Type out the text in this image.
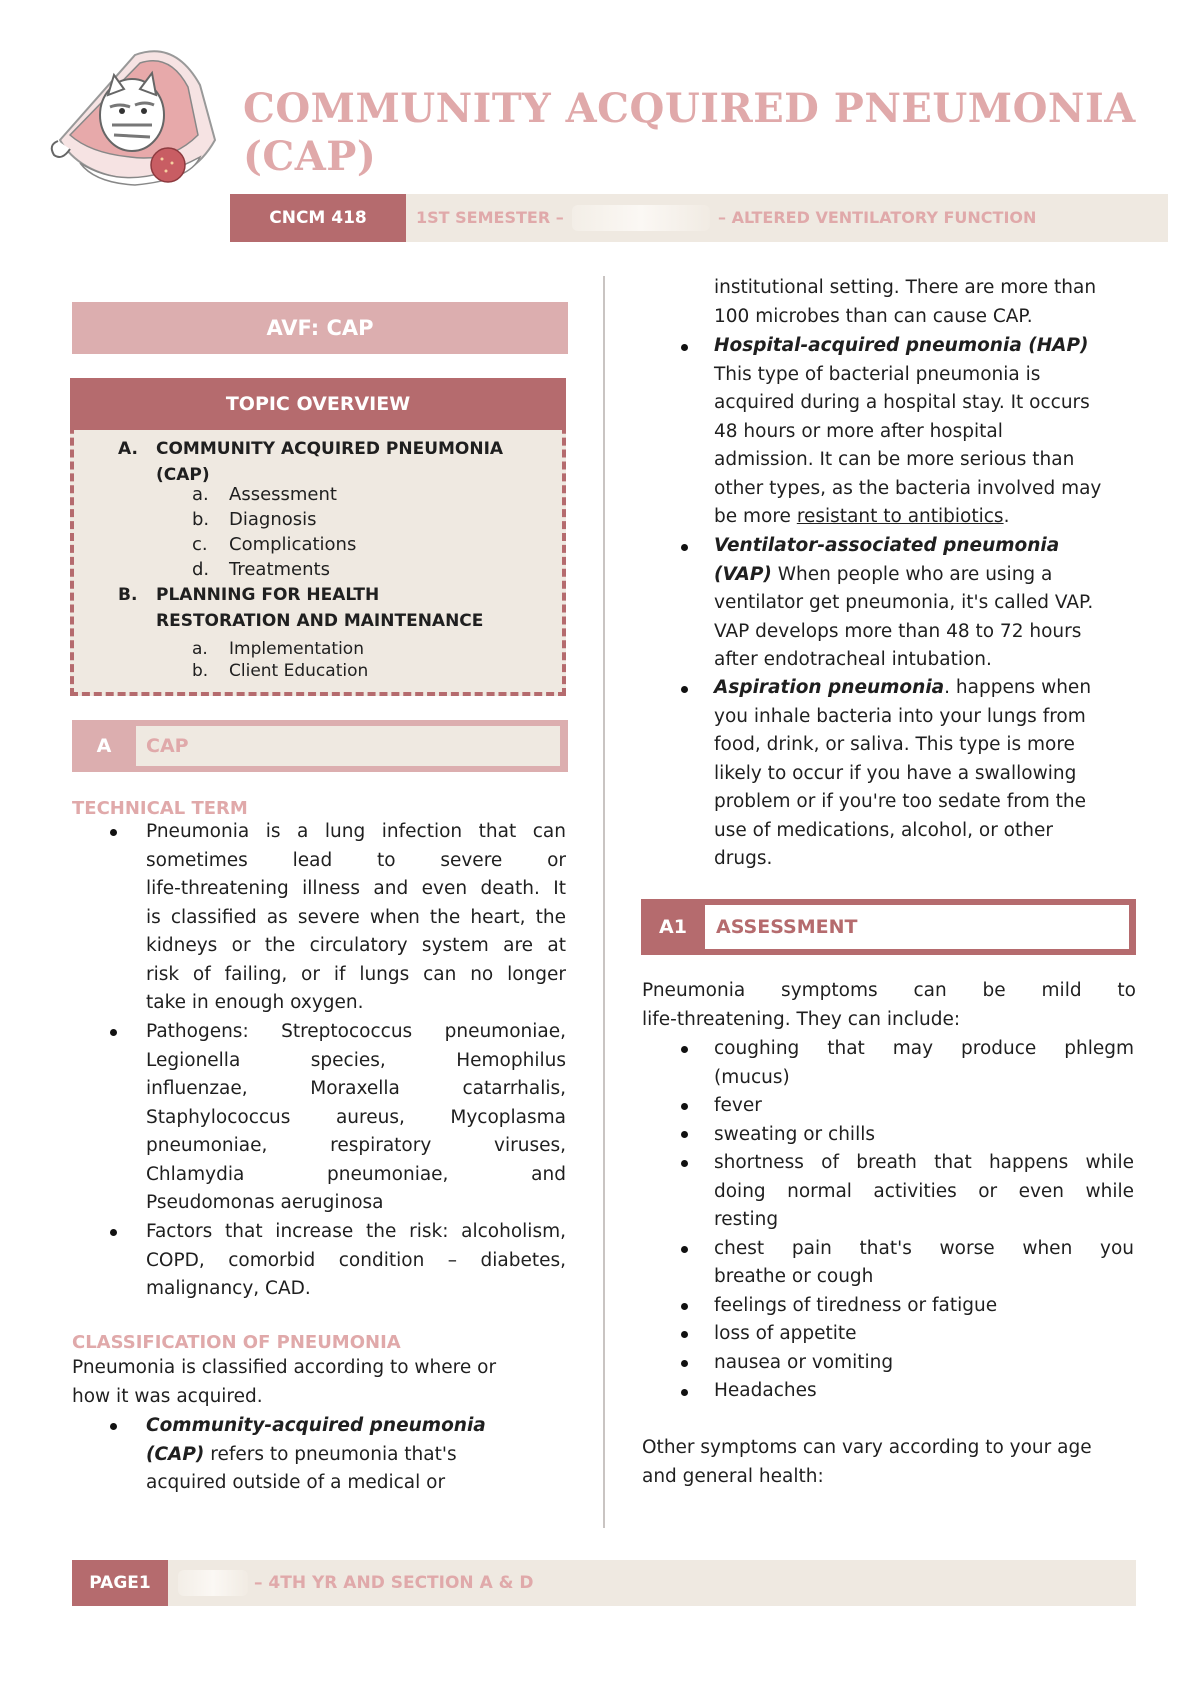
COMMUNITY ACQUIRED PNEUMONIA
(CAP)
CNCM 418	1ST SEMESTER –	– ALTERED VENTILATORY FUNCTION
AVF: CAP
TOPIC OVERVIEW
A. COMMUNITY ACQUIRED PNEUMONIA
(CAP)
a. Assessment
b. Diagnosis
c. Complications
d. Treatments
B. PLANNING FOR HEALTH
RESTORATION AND MAINTENANCE
a. Implementation
b. Client Education
A	CAP
TECHNICAL TERM
Pneumonia is a lung infection that can
sometimes lead to severe or
life-threatening illness and even death. It
is classified as severe when the heart, the
kidneys or the circulatory system are at
risk of failing, or if lungs can no longer
take in enough oxygen.
Pathogens: Streptococcus pneumoniae,
Legionella species, Hemophilus
influenzae, Moraxella catarrhalis,
Staphylococcus aureus, Mycoplasma
pneumoniae, respiratory viruses,
Chlamydia pneumoniae, and
Pseudomonas aeruginosa
Factors that increase the risk: alcoholism,
COPD, comorbid condition – diabetes,
malignancy, CAD.
CLASSIFICATION OF PNEUMONIA
Pneumonia is classified according to where or
how it was acquired.
Community-acquired pneumonia
(CAP) refers to pneumonia that's
acquired outside of a medical or
institutional setting. There are more than
100 microbes than can cause CAP.
Hospital-acquired pneumonia (HAP)
This type of bacterial pneumonia is
acquired during a hospital stay. It occurs
48 hours or more after hospital
admission. It can be more serious than
other types, as the bacteria involved may
be more resistant to antibiotics.
Ventilator-associated pneumonia
(VAP) When people who are using a
ventilator get pneumonia, it's called VAP.
VAP develops more than 48 to 72 hours
after endotracheal intubation.
Aspiration pneumonia. happens when
you inhale bacteria into your lungs from
food, drink, or saliva. This type is more
likely to occur if you have a swallowing
problem or if you're too sedate from the
use of medications, alcohol, or other
drugs.
A1	ASSESSMENT
Pneumonia symptoms can be mild to
life-threatening. They can include:
coughing that may produce phlegm
(mucus)
fever
sweating or chills
shortness of breath that happens while
doing normal activities or even while
resting
chest pain that's worse when you
breathe or cough
feelings of tiredness or fatigue
loss of appetite
nausea or vomiting
Headaches
Other symptoms can vary according to your age
and general health:
PAGE1	– 4TH YR AND SECTION A & D
